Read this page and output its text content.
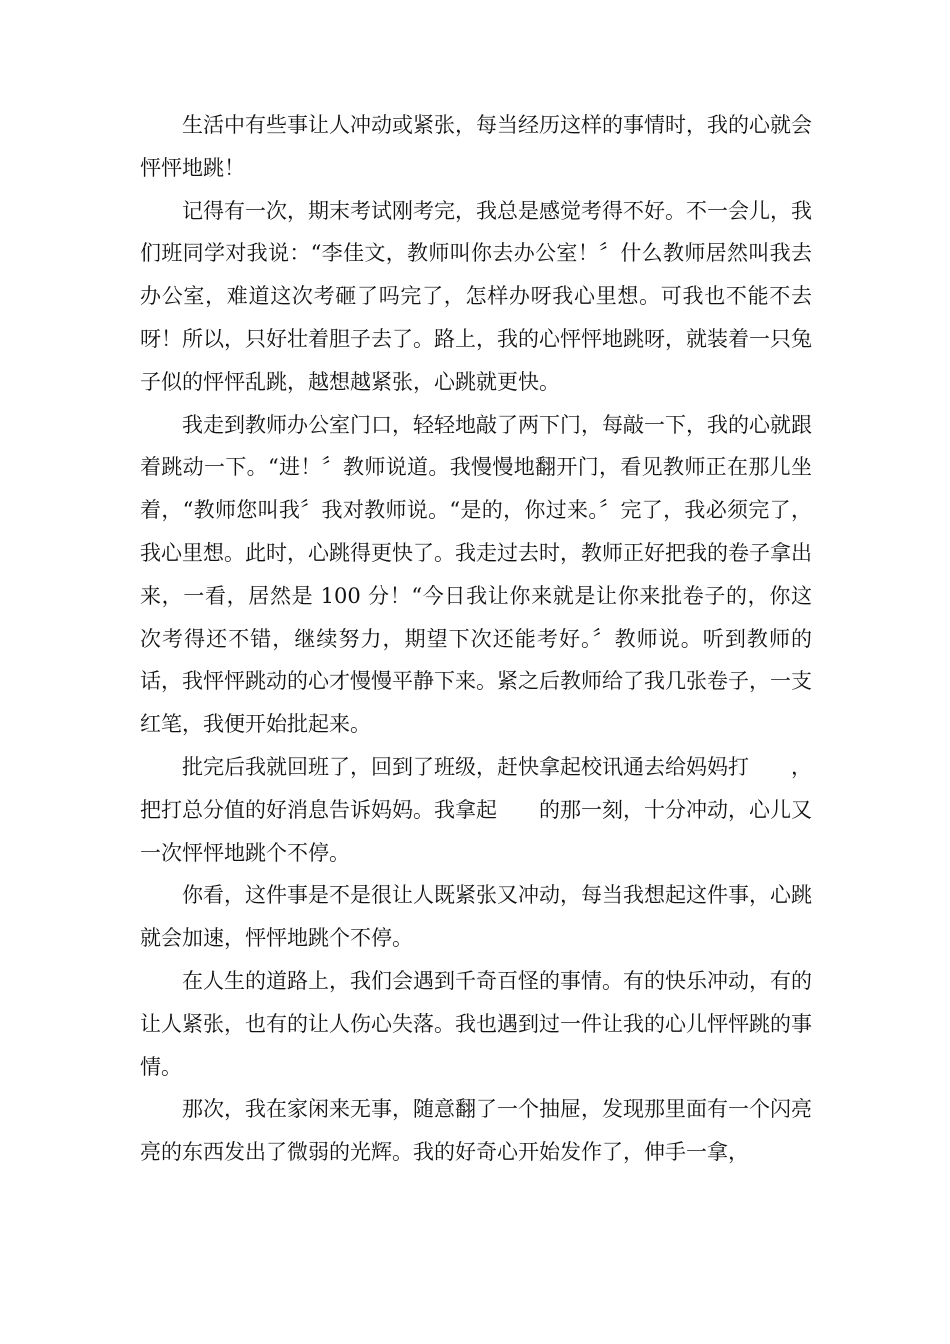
生活中有些事让人冲动或紧张，每当经历这样的事情时，我的心就会怦怦地跳！

记得有一次，期末考试刚考完，我总是感觉考得不好。不一会儿，我们班同学对我说：“李佳文，教师叫你去办公室！〞什么教师居然叫我去办公室，难道这次考砸了吗完了，怎样办呀我心里想。可我也不能不去呀！所以，只好壮着胆子去了。路上，我的心怦怦地跳呀，就装着一只兔子似的怦怦乱跳，越想越紧张，心跳就更快。

我走到教师办公室门口，轻轻地敲了两下门，每敲一下，我的心就跟着跳动一下。“进！〞教师说道。我慢慢地翻开门，看见教师正在那儿坐着，“教师您叫我〞我对教师说。“是的，你过来。〞完了，我必须完了，我心里想。此时，心跳得更快了。我走过去时，教师正好把我的卷子拿出来，一看，居然是 100 分！“今日我让你来就是让你来批卷子的，你这次考得还不错，继续努力，期望下次还能考好。〞教师说。听到教师的话，我怦怦跳动的心才慢慢平静下来。紧之后教师给了我几张卷子，一支红笔，我便开始批起来。

批完后我就回班了，回到了班级，赶快拿起校讯通去给妈妈打　　，把打总分值的好消息告诉妈妈。我拿起　　的那一刻，十分冲动，心儿又一次怦怦地跳个不停。

你看，这件事是不是很让人既紧张又冲动，每当我想起这件事，心跳就会加速，怦怦地跳个不停。

在人生的道路上，我们会遇到千奇百怪的事情。有的快乐冲动，有的让人紧张，也有的让人伤心失落。我也遇到过一件让我的心儿怦怦跳的事情。

那次，我在家闲来无事，随意翻了一个抽屉，发现那里面有一个闪亮亮的东西发出了微弱的光辉。我的好奇心开始发作了，伸手一拿，
